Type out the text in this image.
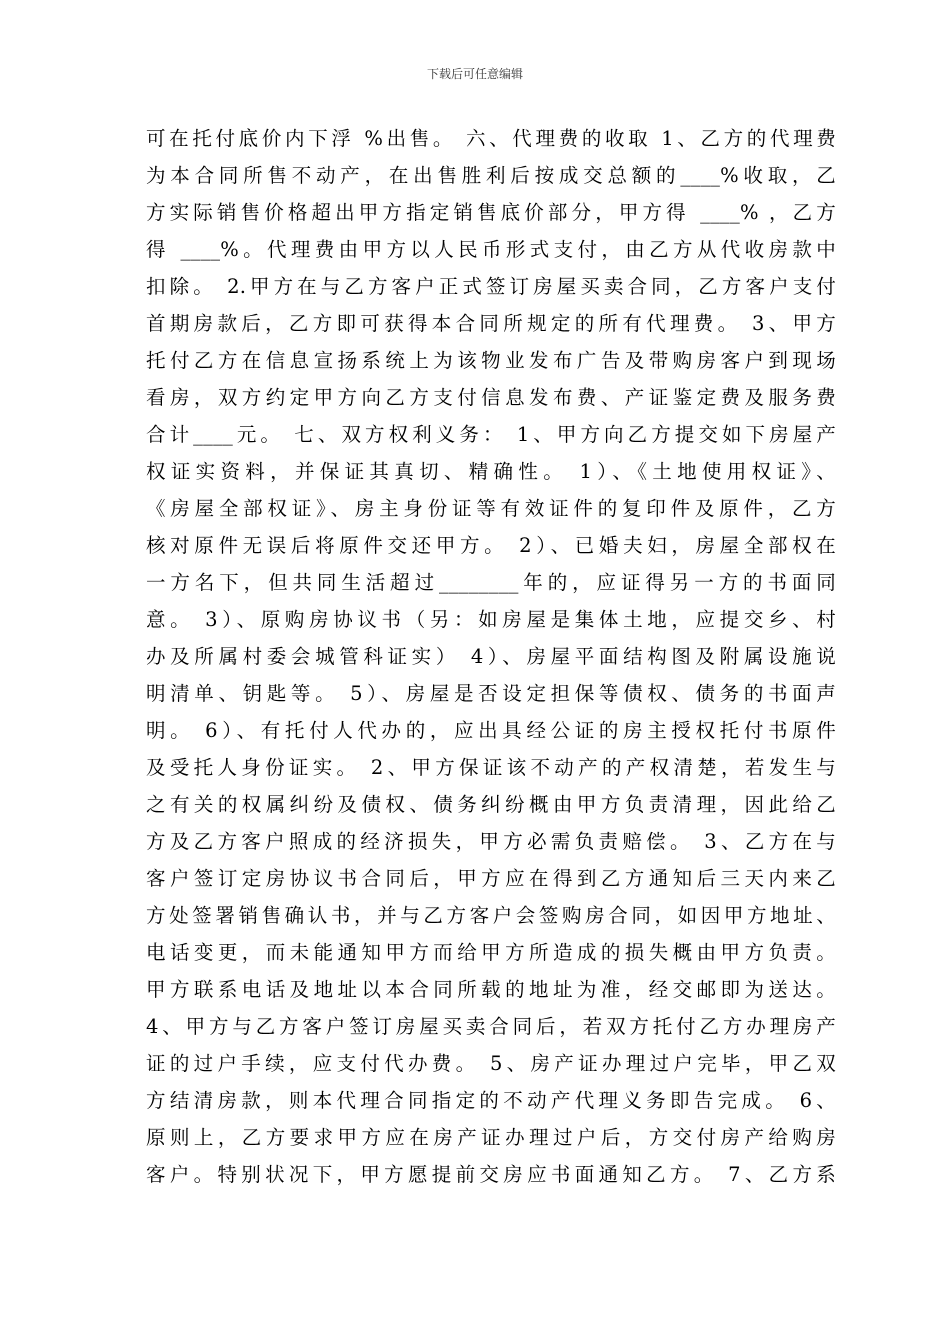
下载后可任意编辑
可在托付底价内下浮 %出售。 六、代理费的收取 1、乙方的代理费
为本合同所售不动产，在出售胜利后按成交总额的____%收取，乙
方实际销售价格超出甲方指定销售底价部分，甲方得 ____% ，乙方
得 ____%。代理费由甲方以人民币形式支付，由乙方从代收房款中
扣除。 2.甲方在与乙方客户正式签订房屋买卖合同，乙方客户支付
首期房款后，乙方即可获得本合同所规定的所有代理费。 3、甲方
托付乙方在信息宣扬系统上为该物业发布广告及带购房客户到现场
看房，双方约定甲方向乙方支付信息发布费、产证鉴定费及服务费
合计____元。 七、双方权利义务： 1、甲方向乙方提交如下房屋产
权证实资料，并保证其真切、精确性。 1）、《土地使用权证》、
《房屋全部权证》、房主身份证等有效证件的复印件及原件，乙方
核对原件无误后将原件交还甲方。 2）、已婚夫妇，房屋全部权在
一方名下，但共同生活超过________年的，应证得另一方的书面同
意。 3）、原购房协议书（另：如房屋是集体土地，应提交乡、村
办及所属村委会城管科证实） 4）、房屋平面结构图及附属设施说
明清单、钥匙等。 5）、房屋是否设定担保等债权、债务的书面声
明。 6）、有托付人代办的，应出具经公证的房主授权托付书原件
及受托人身份证实。 2、甲方保证该不动产的产权清楚，若发生与
之有关的权属纠纷及债权、债务纠纷概由甲方负责清理，因此给乙
方及乙方客户照成的经济损失，甲方必需负责赔偿。 3、乙方在与
客户签订定房协议书合同后，甲方应在得到乙方通知后三天内来乙
方处签署销售确认书，并与乙方客户会签购房合同，如因甲方地址、
电话变更，而未能通知甲方而给甲方所造成的损失概由甲方负责。
甲方联系电话及地址以本合同所载的地址为准，经交邮即为送达。
4、甲方与乙方客户签订房屋买卖合同后，若双方托付乙方办理房产
证的过户手续，应支付代办费。 5、房产证办理过户完毕，甲乙双
方结清房款，则本代理合同指定的不动产代理义务即告完成。 6、
原则上，乙方要求甲方应在房产证办理过户后，方交付房产给购房
客户。特别状况下，甲方愿提前交房应书面通知乙方。 7、乙方系
